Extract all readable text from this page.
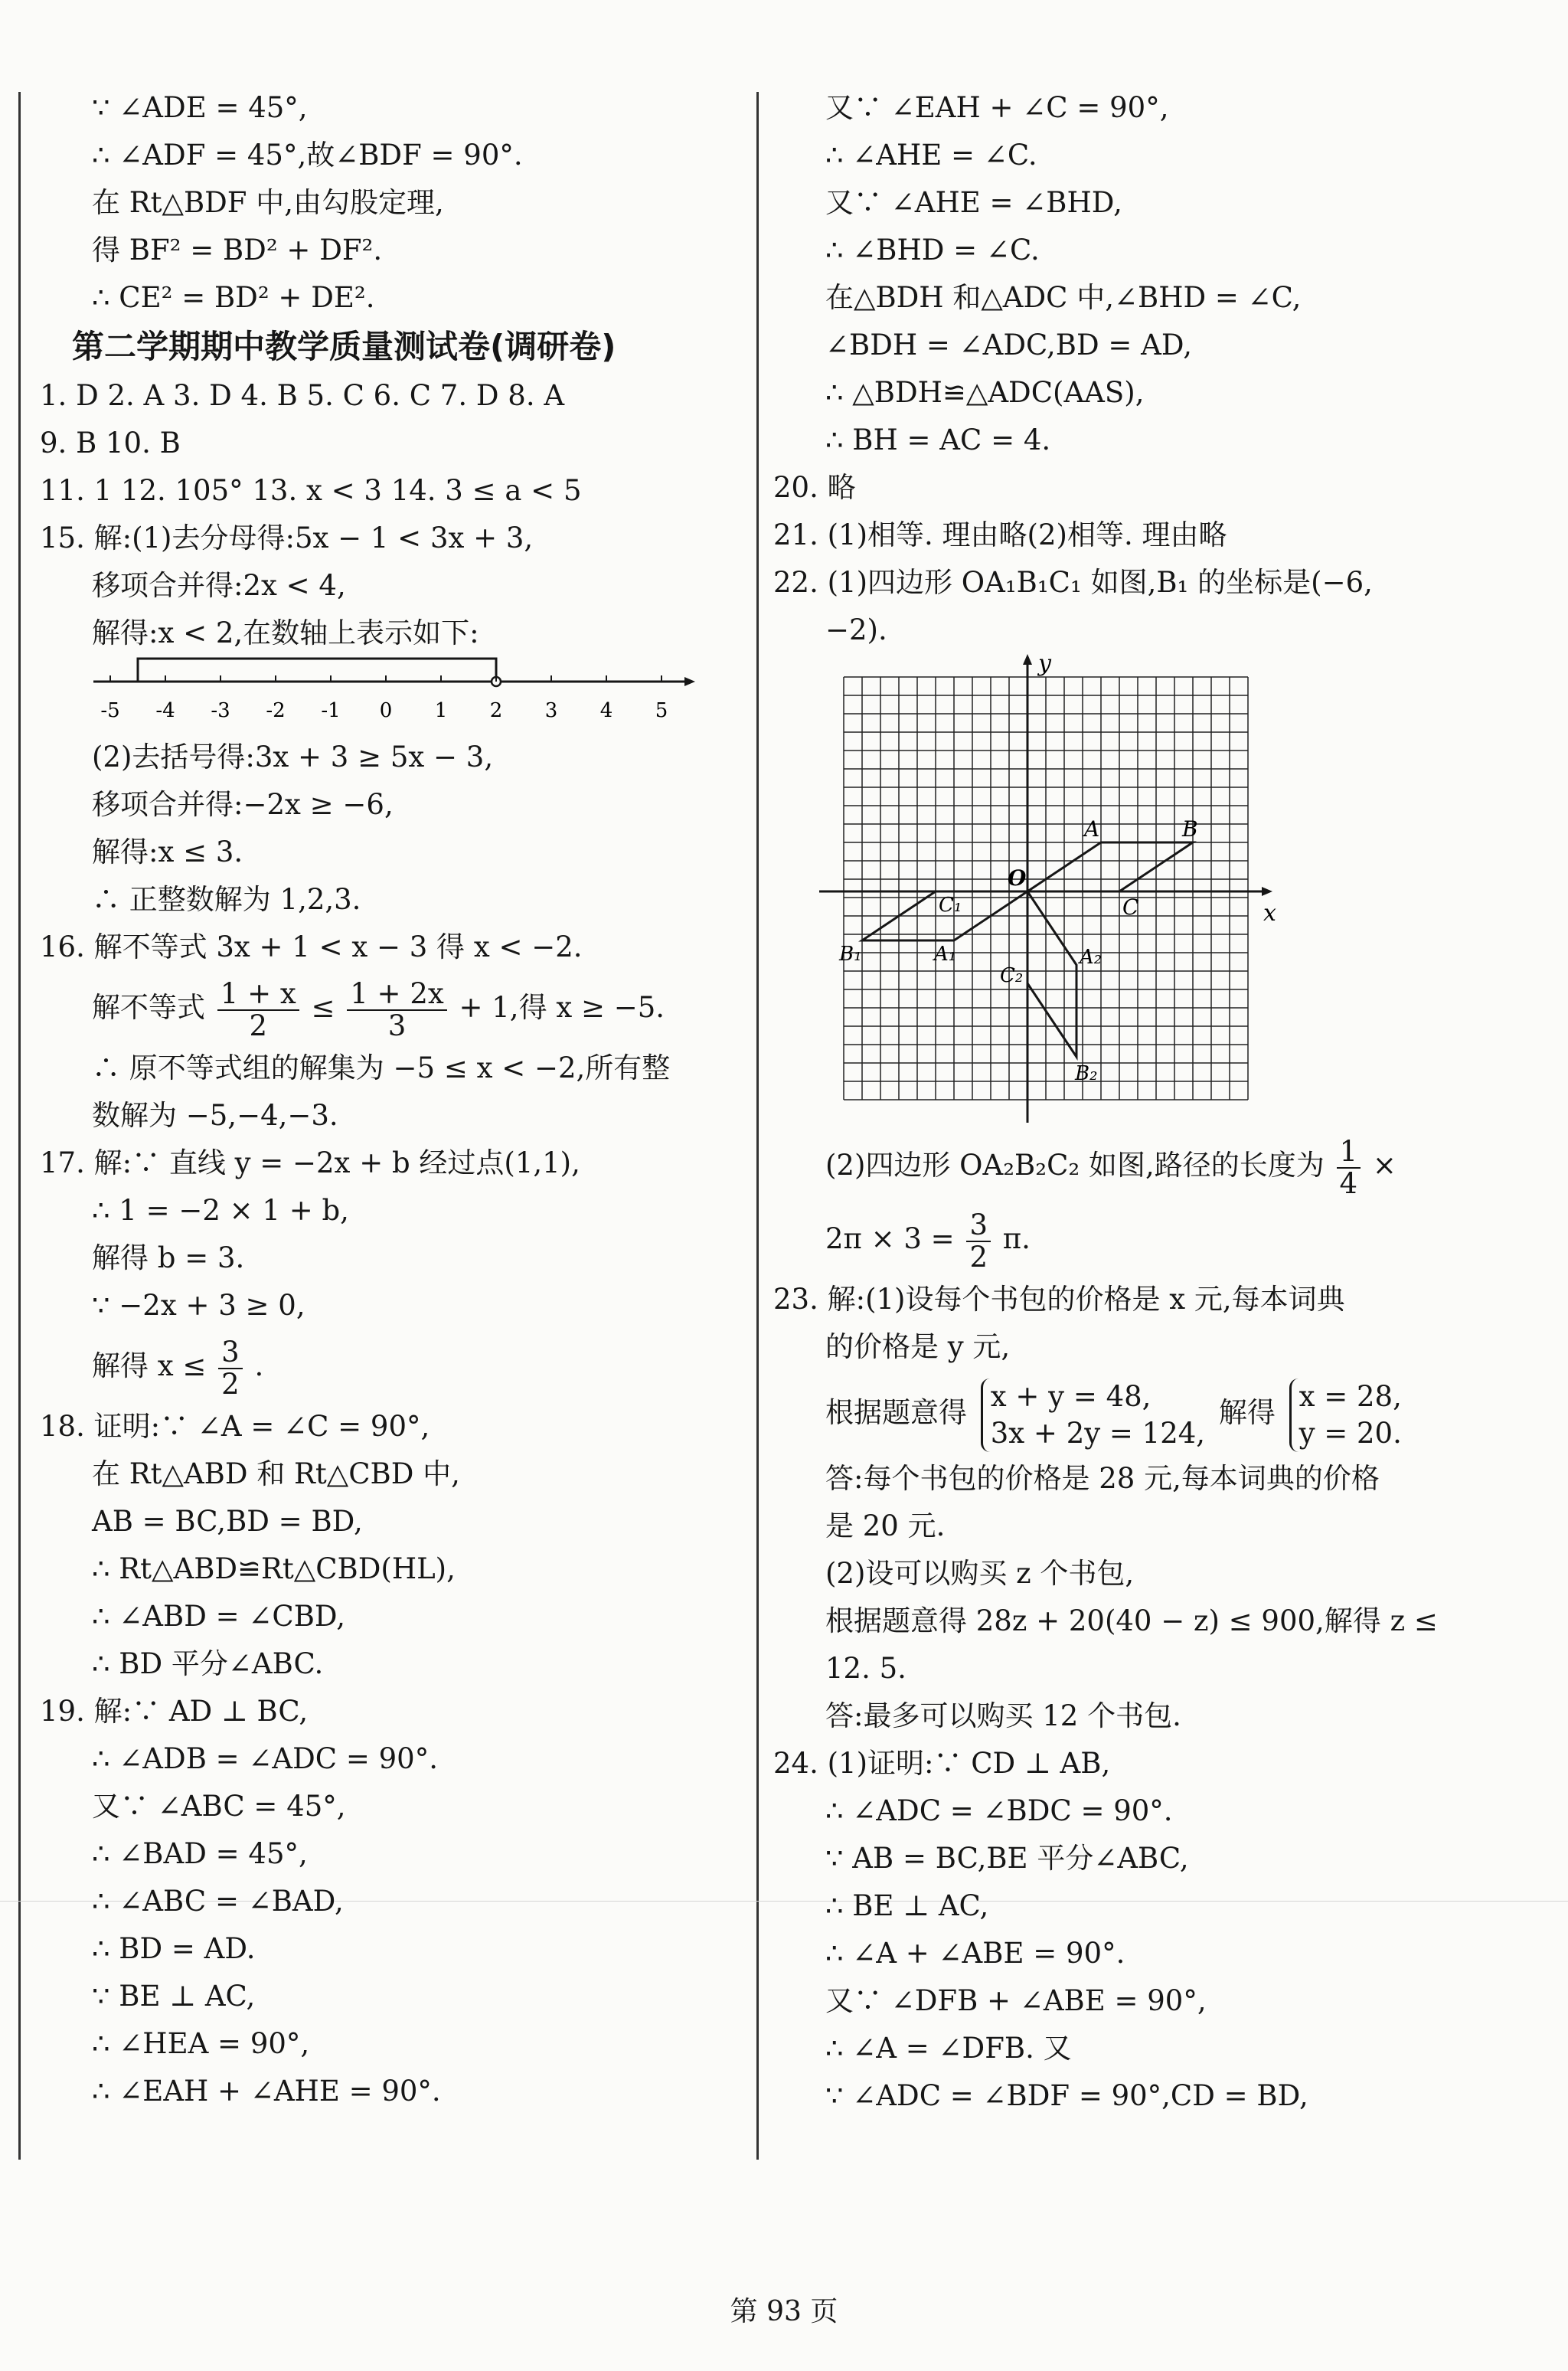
∵ ∠ADE = 45°,
∴ ∠ADF = 45°,故∠BDF = 90°.
在 Rt△BDF 中,由勾股定理,
得 BF² = BD² + DF².
∴ CE² = BD² + DE².
第二学期期中教学质量测试卷(调研卷)
1. D 2. A 3. D 4. B 5. C 6. C 7. D 8. A
9. B 10. B
11. 1 12. 105° 13. x < 3 14. 3 ≤ a < 5
15. 解:(1)去分母得:5x − 1 < 3x + 3,
移项合并得:2x < 4,
解得:x < 2,在数轴上表示如下:
-5 -4 -3 -2 -1 0 1 2 3 4 5
(2)去括号得:3x + 3 ≥ 5x − 3,
移项合并得:−2x ≥ −6,
解得:x ≤ 3.
∴ 正整数解为 1,2,3.
16. 解不等式 3x + 1 < x − 3 得 x < −2.
解不等式 $\frac{1 + x}{2} \le \frac{1 + 2x}{3} + 1$,得 x ≥ −5.
∴ 原不等式组的解集为 −5 ≤ x < −2,所有整
数解为 −5,−4,−3.
17. 解:∵ 直线 y = −2x + b 经过点(1,1),
∴ 1 = −2 × 1 + b,
解得 b = 3.
∵ −2x + 3 ≥ 0,
解得 $x \le \frac{3}{2}$ .
18. 证明:∵ ∠A = ∠C = 90°,
在 Rt△ABD 和 Rt△CBD 中,
AB = BC,BD = BD,
∴ Rt△ABD≌Rt△CBD(HL),
∴ ∠ABD = ∠CBD,
∴ BD 平分∠ABC.
19. 解:∵ AD ⊥ BC,
∴ ∠ADB = ∠ADC = 90°.
又∵ ∠ABC = 45°,
∴ ∠BAD = 45°,
∴ ∠ABC = ∠BAD,
∴ BD = AD.
∵ BE ⊥ AC,
∴ ∠HEA = 90°,
∴ ∠EAH + ∠AHE = 90°.
又∵ ∠EAH + ∠C = 90°,
∴ ∠AHE = ∠C.
又∵ ∠AHE = ∠BHD,
∴ ∠BHD = ∠C.
在△BDH 和△ADC 中,∠BHD = ∠C,
∠BDH = ∠ADC,BD = AD,
∴ △BDH≌△ADC(AAS),
∴ BH = AC = 4.
20. 略
21. (1)相等. 理由略(2)相等. 理由略
22. (1)四边形 OA₁B₁C₁ 如图,B₁ 的坐标是(−6,
−2).
x
y
O
A	B
C
A₁
B₁
C₁
A₂
B₂
C₂
(2)四边形 OA₂B₂C₂ 如图,路径的长度为 $\frac{1}{4}$ ×
$2\pi \times 3 = \frac{3}{2} \pi$.
23. 解:(1)设每个书包的价格是 x 元,每本词典
的价格是 y 元,
根据题意得 x + y = 48,
3x + 2y = 124,
解得 x = 28,
y = 20.
答:每个书包的价格是 28 元,每本词典的价格
是 20 元.
(2)设可以购买 z 个书包,
根据题意得 28z + 20(40 − z) ≤ 900,解得 z ≤
12. 5.
答:最多可以购买 12 个书包.
24. (1)证明:∵ CD ⊥ AB,
∴ ∠ADC = ∠BDC = 90°.
∵ AB = BC,BE 平分∠ABC,
∴ BE ⊥ AC,
∴ ∠A + ∠ABE = 90°.
又∵ ∠DFB + ∠ABE = 90°,
∴ ∠A = ∠DFB. 又
∵ ∠ADC = ∠BDF = 90°,CD = BD,
第 93 页
